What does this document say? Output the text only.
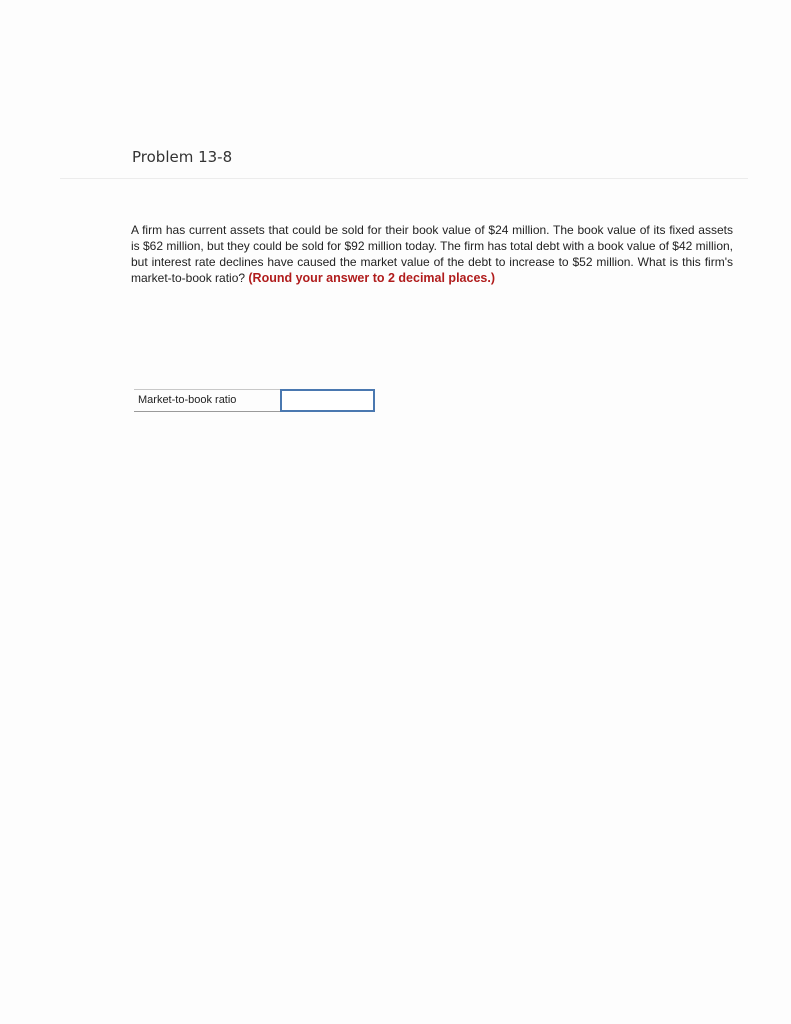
Problem 13-8

A firm has current assets that could be sold for their book value of $24 million. The book value of its fixed assets is $62 million, but they could be sold for $92 million today. The firm has total debt with a book value of $42 million, but interest rate declines have caused the market value of the debt to increase to $52 million. What is this firm's market-to-book ratio? (Round your answer to 2 decimal places.)

Market-to-book ratio
